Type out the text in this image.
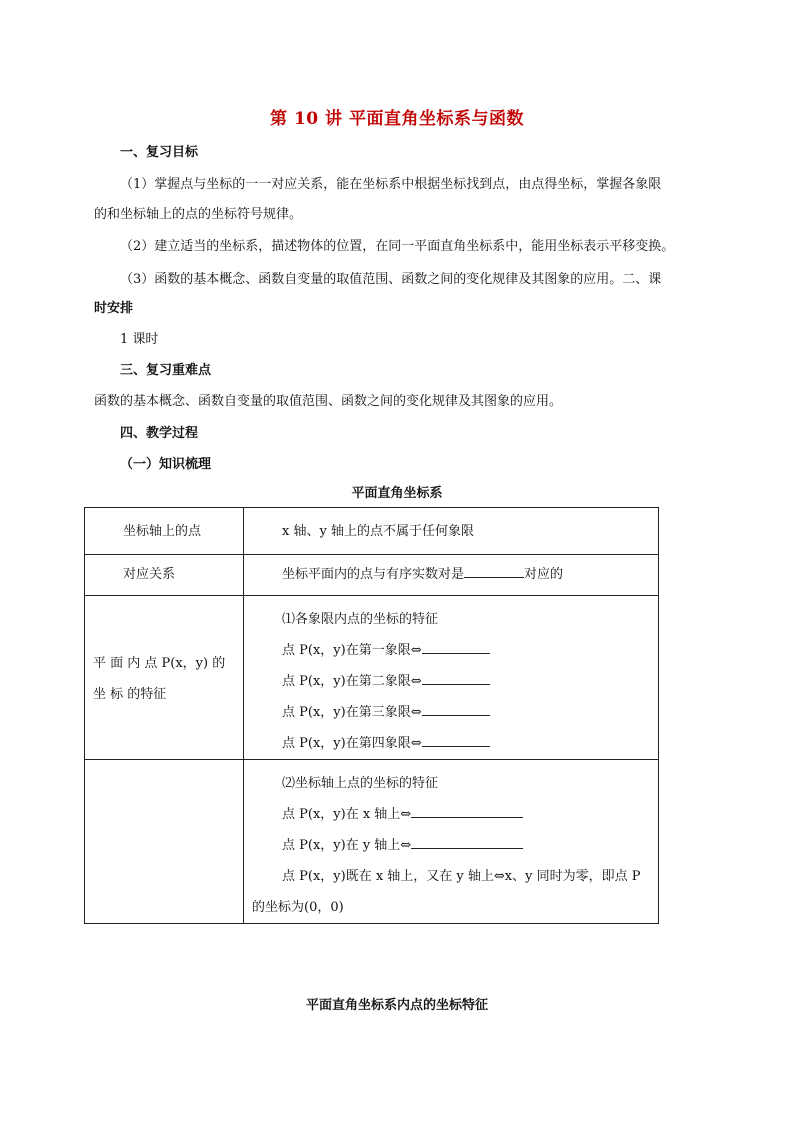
第 10 讲 平面直角坐标系与函数
一、复习目标
（1）掌握点与坐标的一一对应关系，能在坐标系中根据坐标找到点，由点得坐标，掌握各象限
的和坐标轴上的点的坐标符号规律。
（2）建立适当的坐标系，描述物体的位置，在同一平面直角坐标系中，能用坐标表示平移变换。
（3）函数的基本概念、函数自变量的取值范围、函数之间的变化规律及其图象的应用。二、课
时安排
1 课时
三、复习重难点
函数的基本概念、函数自变量的取值范围、函数之间的变化规律及其图象的应用。
四、教学过程
（一）知识梳理
平面直角坐标系
坐标轴上的点	x 轴、y 轴上的点不属于任何象限

对应关系	坐标平面内的点与有序实数对是 对应的

平 面 内 点 P(x，y) 的 坐 标 的特征	⑴各象限内点的坐标的特征
点 P(x，y)在第一象限⇔
点 P(x，y)在第二象限⇔
点 P(x，y)在第三象限⇔
点 P(x，y)在第四象限⇔

	⑵坐标轴上点的坐标的特征
点 P(x，y)在 x 轴上⇔
点 P(x，y)在 y 轴上⇔
点 P(x，y)既在 x 轴上，又在 y 轴上⇔x、y 同时为零，即点 P
的坐标为(0，0)
平面直角坐标系内点的坐标特征
